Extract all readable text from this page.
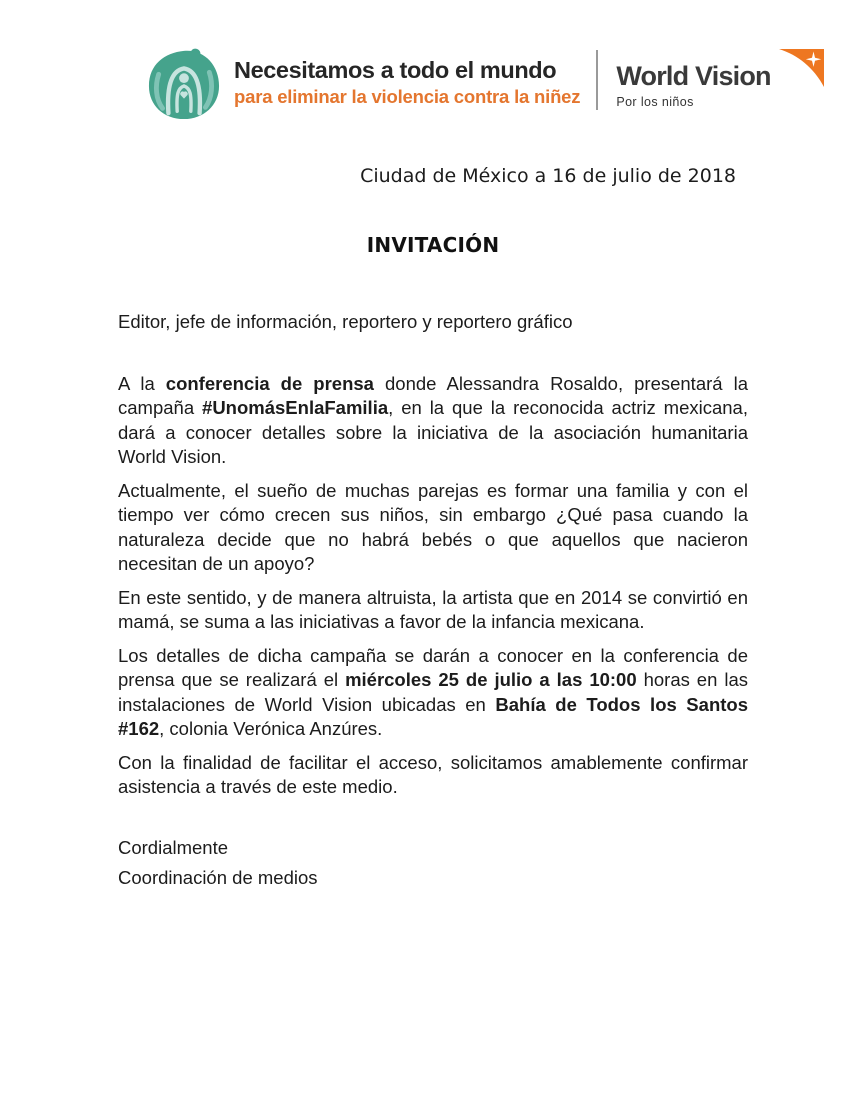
Necesitamos a todo el mundo
para eliminar la violencia contra la niñez
World Vision
Por los niños
Ciudad de México a 16 de julio de 2018
INVITACIÓN

Editor, jefe de información, reportero y reportero gráfico

A la conferencia de prensa donde Alessandra Rosaldo, presentará la campaña #UnomásEnlaFamilia, en la que la reconocida actriz mexicana, dará a conocer detalles sobre la iniciativa de la asociación humanitaria World Vision.

Actualmente, el sueño de muchas parejas es formar una familia y con el tiempo ver cómo crecen sus niños, sin embargo ¿Qué pasa cuando la naturaleza decide que no habrá bebés o que aquellos que nacieron necesitan de un apoyo?

En este sentido, y de manera altruista, la artista que en 2014 se convirtió en mamá, se suma a las iniciativas a favor de la infancia mexicana.

Los detalles de dicha campaña se darán a conocer en la conferencia de prensa que se realizará el miércoles 25 de julio a las 10:00 horas en las instalaciones de World Vision ubicadas en Bahía de Todos los Santos #162, colonia Verónica Anzúres.

Con la finalidad de facilitar el acceso, solicitamos amablemente confirmar asistencia a través de este medio.

Cordialmente

Coordinación de medios
